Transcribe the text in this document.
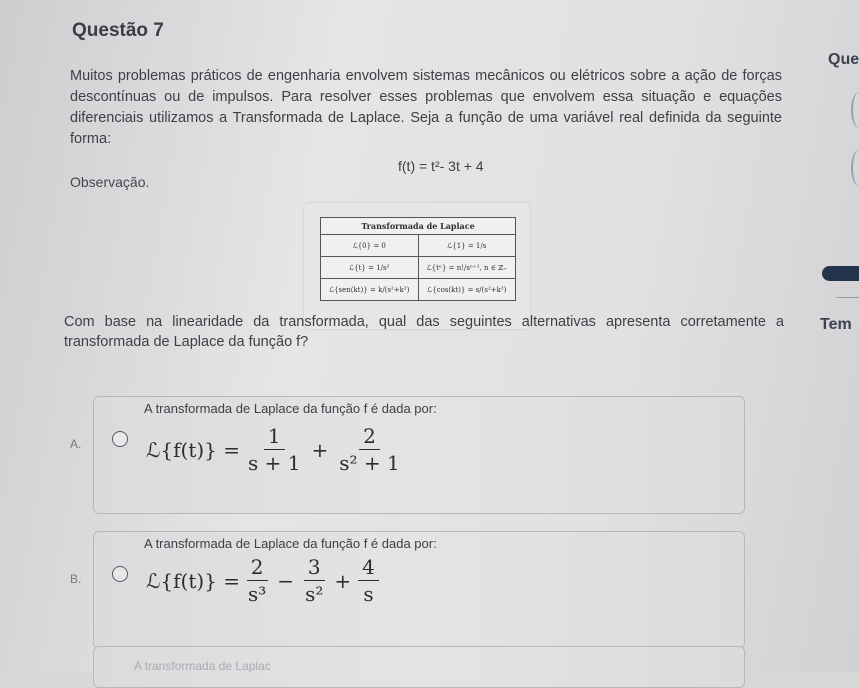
Questão 7
Muitos problemas práticos de engenharia envolvem sistemas mecânicos ou elétricos sobre a ação de forças descontínuas ou de impulsos. Para resolver esses problemas que envolvem essa situação e equações diferenciais utilizamos a Transformada de Laplace. Seja a função de uma variável real definida da seguinte forma:
f(t) = t²- 3t + 4
Observação.
Transformada de Laplace	
ℒ{0} = 0	ℒ{1} = 1/s
ℒ{t} = 1/s²	ℒ{tⁿ} = n!/sⁿ⁺¹, n ∈ ℤ₊
ℒ{sen(kt)} = k/(s²+k²)	ℒ{cos(kt)} = s/(s²+k²)
Com base na linearidade da transformada, qual das seguintes alternativas apresenta corretamente a transformada de Laplace da função f?
A transformada de Laplace da função f é dada por:
A.	ℒ{f(t)} = $\frac{1}{s + 1} + \frac{2}{\text{s² + 1}}$
A transformada de Laplace da função f é dada por:
B.	ℒ{f(t)} = $\frac{2}{\text{s³}} - \frac{3}{\text{s²}} + \frac{4}{s}$
A transformada de Laplac
Que
Tem
